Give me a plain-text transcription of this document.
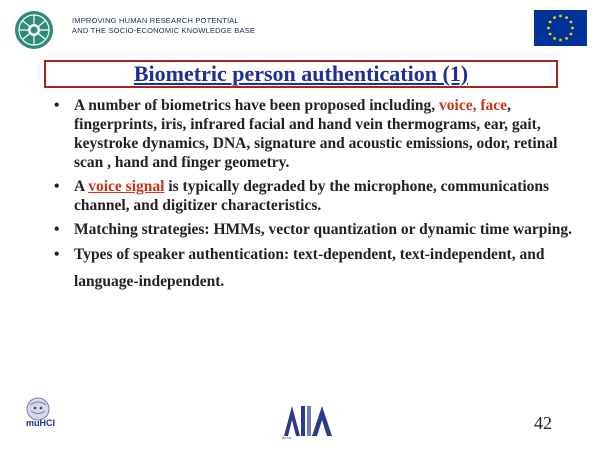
IMPROVING HUMAN RESEARCH POTENTIAL
AND THE SOCIO-ECONOMIC KNOWLEDGE BASE
Biometric person authentication (1)
• A number of biometrics have been proposed including, voice, face, fingerprints, iris, infrared facial and hand vein thermograms, ear, gait, keystroke dynamics, DNA, signature and acoustic emissions, odor, retinal scan , hand and finger geometry.
• A voice signal is typically degraded by the microphone, communications channel, and digitizer characteristics.
• Matching strategies: HMMs, vector quantization or dynamic time warping.
• Types of speaker authentication: text-dependent, text-independent, and language-independent.
muHCI
AIIA
42
